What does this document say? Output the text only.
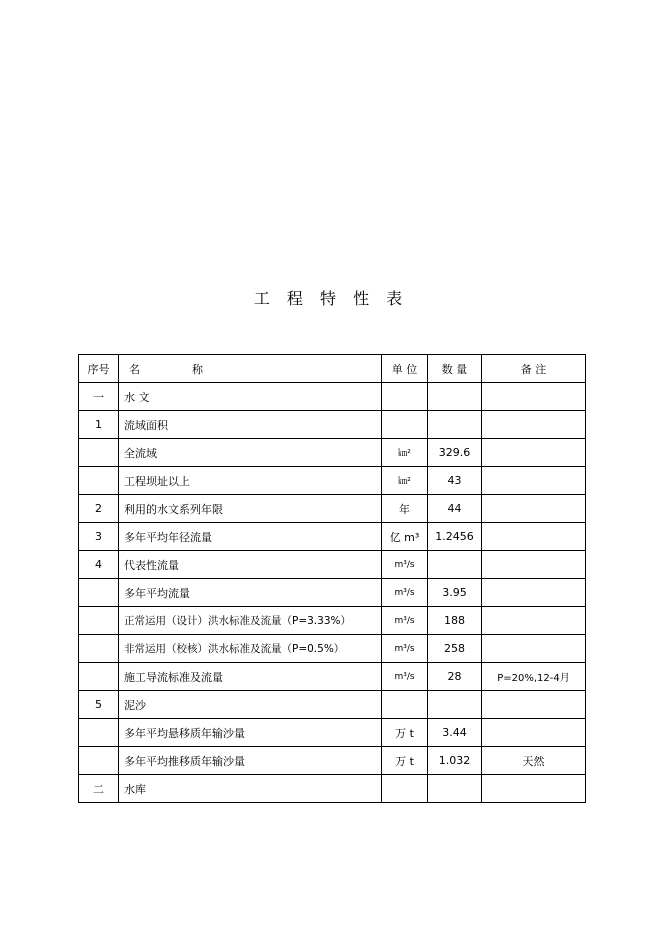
工 程 特 性 表
序号	名 称	单 位	数 量	备 注
一	水 文			
1	流域面积			
	全流域	㎞²	329.6	
	工程坝址以上	㎞²	43	
2	利用的水文系列年限	年	44	
3	多年平均年径流量	亿 m³	1.2456	
4	代表性流量	m³/s		
	多年平均流量	m³/s	3.95	
	正常运用（设计）洪水标准及流量（P=3.33%）	m³/s	188	
	非常运用（校核）洪水标准及流量（P=0.5%）	m³/s	258	
	施工导流标准及流量	m³/s	28	P=20%,12-4月
5	泥沙			
	多年平均悬移质年输沙量	万 t	3.44	
	多年平均推移质年输沙量	万 t	1.032	天然
二	水库			
